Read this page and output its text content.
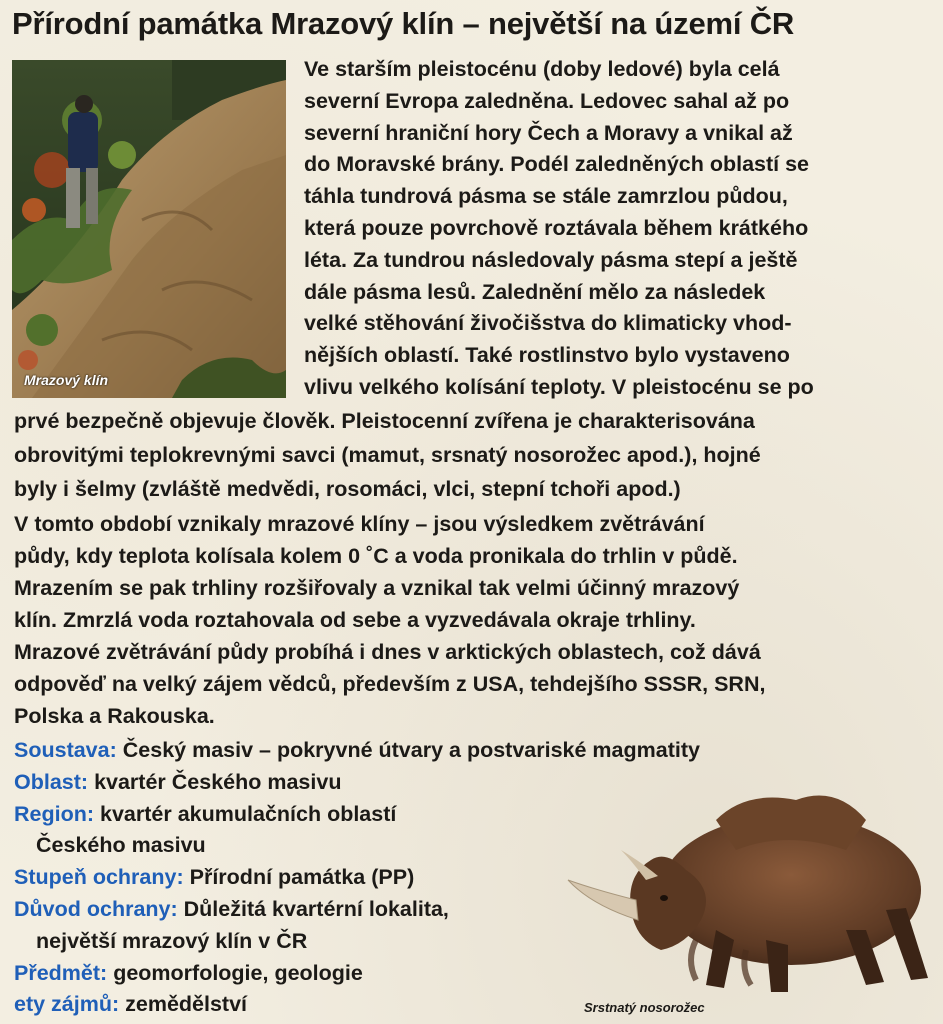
Přírodní památka Mrazový klín – největší na území ČR
Mrazový klín
Ve starším pleistocénu (doby ledové) byla celá
severní Evropa zaledněna. Ledovec sahal až po
severní hraniční hory Čech a Moravy a vnikal až
do Moravské brány. Podél zaledněných oblastí se
táhla tundrová pásma se stále zamrzlou půdou,
která pouze povrchově roztávala během krátkého
léta. Za tundrou následovaly pásma stepí a ještě
dále pásma lesů. Zalednění mělo za následek
velké stěhování živočišstva do klimaticky vhod-
nějších oblastí. Také rostlinstvo bylo vystaveno
vlivu velkého kolísání teploty. V pleistocénu se po
prvé bezpečně objevuje člověk. Pleistocenní zvířena je charakterisována
obrovitými teplokrevnými savci (mamut, srsnatý nosorožec apod.), hojné
byly i šelmy (zvláště medvědi, rosomáci, vlci, stepní tchoři apod.)
V tomto období vznikaly mrazové klíny – jsou výsledkem zvětrávání
půdy, kdy teplota kolísala kolem 0 ˚C a voda pronikala do trhlin v půdě.
Mrazením se pak trhliny rozšiřovaly a vznikal tak velmi účinný mrazový
klín. Zmrzlá voda roztahovala od sebe a vyzvedávala okraje trhliny.
Mrazové zvětrávání půdy probíhá i dnes v arktických oblastech, což dává
odpověď na velký zájem vědců, především z USA, tehdejšího SSSR, SRN,
Polska a Rakouska.
Soustava: Český masiv – pokryvné útvary a postvariské magmatity
Oblast: kvartér Českého masivu
Region: kvartér akumulačních oblastí
Českého masivu
Stupeň ochrany: Přírodní památka (PP)
Důvod ochrany: Důležitá kvartérní lokalita,
největší mrazový klín v ČR
Předmět: geomorfologie, geologie
ety zájmů: zemědělství	Srstnatý nosorožec
